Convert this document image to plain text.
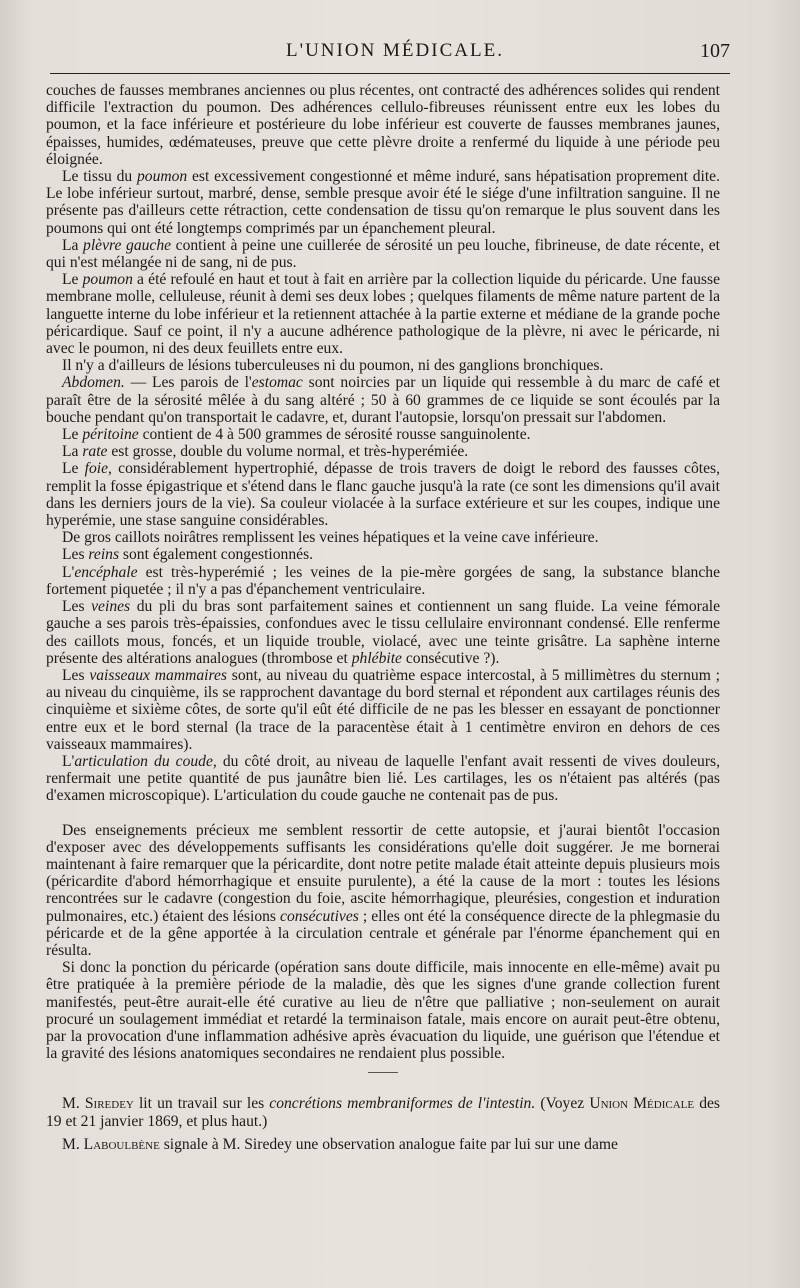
L'UNION MÉDICALE.	107

couches de fausses membranes anciennes ou plus récentes, ont contracté des adhérences solides qui rendent difficile l'extraction du poumon. Des adhérences cellulo-fibreuses réunissent entre eux les lobes du poumon, et la face inférieure et postérieure du lobe inférieur est couverte de fausses membranes jaunes, épaisses, humides, œdémateuses, preuve que cette plèvre droite a renfermé du liquide à une période peu éloignée.

Le tissu du poumon est excessivement congestionné et même induré, sans hépatisation proprement dite. Le lobe inférieur surtout, marbré, dense, semble presque avoir été le siége d'une infiltration sanguine. Il ne présente pas d'ailleurs cette rétraction, cette condensation de tissu qu'on remarque le plus souvent dans les poumons qui ont été longtemps comprimés par un épanchement pleural.

La plèvre gauche contient à peine une cuillerée de sérosité un peu louche, fibrineuse, de date récente, et qui n'est mélangée ni de sang, ni de pus.

Le poumon a été refoulé en haut et tout à fait en arrière par la collection liquide du péricarde. Une fausse membrane molle, celluleuse, réunit à demi ses deux lobes ; quelques filaments de même nature partent de la languette interne du lobe inférieur et la retiennent attachée à la partie externe et médiane de la grande poche péricardique. Sauf ce point, il n'y a aucune adhérence pathologique de la plèvre, ni avec le péricarde, ni avec le poumon, ni des deux feuillets entre eux.

Il n'y a d'ailleurs de lésions tuberculeuses ni du poumon, ni des ganglions bronchiques.

Abdomen. — Les parois de l'estomac sont noircies par un liquide qui ressemble à du marc de café et paraît être de la sérosité mêlée à du sang altéré ; 50 à 60 grammes de ce liquide se sont écoulés par la bouche pendant qu'on transportait le cadavre, et, durant l'autopsie, lorsqu'on pressait sur l'abdomen.

Le péritoine contient de 4 à 500 grammes de sérosité rousse sanguinolente.

La rate est grosse, double du volume normal, et très-hyperémiée.

Le foie, considérablement hypertrophié, dépasse de trois travers de doigt le rebord des fausses côtes, remplit la fosse épigastrique et s'étend dans le flanc gauche jusqu'à la rate (ce sont les dimensions qu'il avait dans les derniers jours de la vie). Sa couleur violacée à la surface extérieure et sur les coupes, indique une hyperémie, une stase sanguine considérables.

De gros caillots noirâtres remplissent les veines hépatiques et la veine cave inférieure.

Les reins sont également congestionnés.

L'encéphale est très-hyperémié ; les veines de la pie-mère gorgées de sang, la substance blanche fortement piquetée ; il n'y a pas d'épanchement ventriculaire.

Les veines du pli du bras sont parfaitement saines et contiennent un sang fluide. La veine fémorale gauche a ses parois très-épaissies, confondues avec le tissu cellulaire environnant condensé. Elle renferme des caillots mous, foncés, et un liquide trouble, violacé, avec une teinte grisâtre. La saphène interne présente des altérations analogues (thrombose et phlébite consécutive ?).

Les vaisseaux mammaires sont, au niveau du quatrième espace intercostal, à 5 millimètres du sternum ; au niveau du cinquième, ils se rapprochent davantage du bord sternal et répondent aux cartilages réunis des cinquième et sixième côtes, de sorte qu'il eût été difficile de ne pas les blesser en essayant de ponctionner entre eux et le bord sternal (la trace de la paracentèse était à 1 centimètre environ en dehors de ces vaisseaux mammaires).

L'articulation du coude, du côté droit, au niveau de laquelle l'enfant avait ressenti de vives douleurs, renfermait une petite quantité de pus jaunâtre bien lié. Les cartilages, les os n'étaient pas altérés (pas d'examen microscopique). L'articulation du coude gauche ne contenait pas de pus.

Des enseignements précieux me semblent ressortir de cette autopsie, et j'aurai bientôt l'occasion d'exposer avec des développements suffisants les considérations qu'elle doit suggérer. Je me bornerai maintenant à faire remarquer que la péricardite, dont notre petite malade était atteinte depuis plusieurs mois (péricardite d'abord hémorrhagique et ensuite purulente), a été la cause de la mort : toutes les lésions rencontrées sur le cadavre (congestion du foie, ascite hémorrhagique, pleurésies, congestion et induration pulmonaires, etc.) étaient des lésions consécutives ; elles ont été la conséquence directe de la phlegmasie du péricarde et de la gêne apportée à la circulation centrale et générale par l'énorme épanchement qui en résulta.

Si donc la ponction du péricarde (opération sans doute difficile, mais innocente en elle-même) avait pu être pratiquée à la première période de la maladie, dès que les signes d'une grande collection furent manifestés, peut-être aurait-elle été curative au lieu de n'être que palliative ; non-seulement on aurait procuré un soulagement immédiat et retardé la terminaison fatale, mais encore on aurait peut-être obtenu, par la provocation d'une inflammation adhésive après évacuation du liquide, une guérison que l'étendue et la gravité des lésions anatomiques secondaires ne rendaient plus possible.

M. Siredey lit un travail sur les concrétions membraniformes de l'intestin. (Voyez Union Médicale des 19 et 21 janvier 1869, et plus haut.)

M. Laboulbène signale à M. Siredey une observation analogue faite par lui sur une dame
